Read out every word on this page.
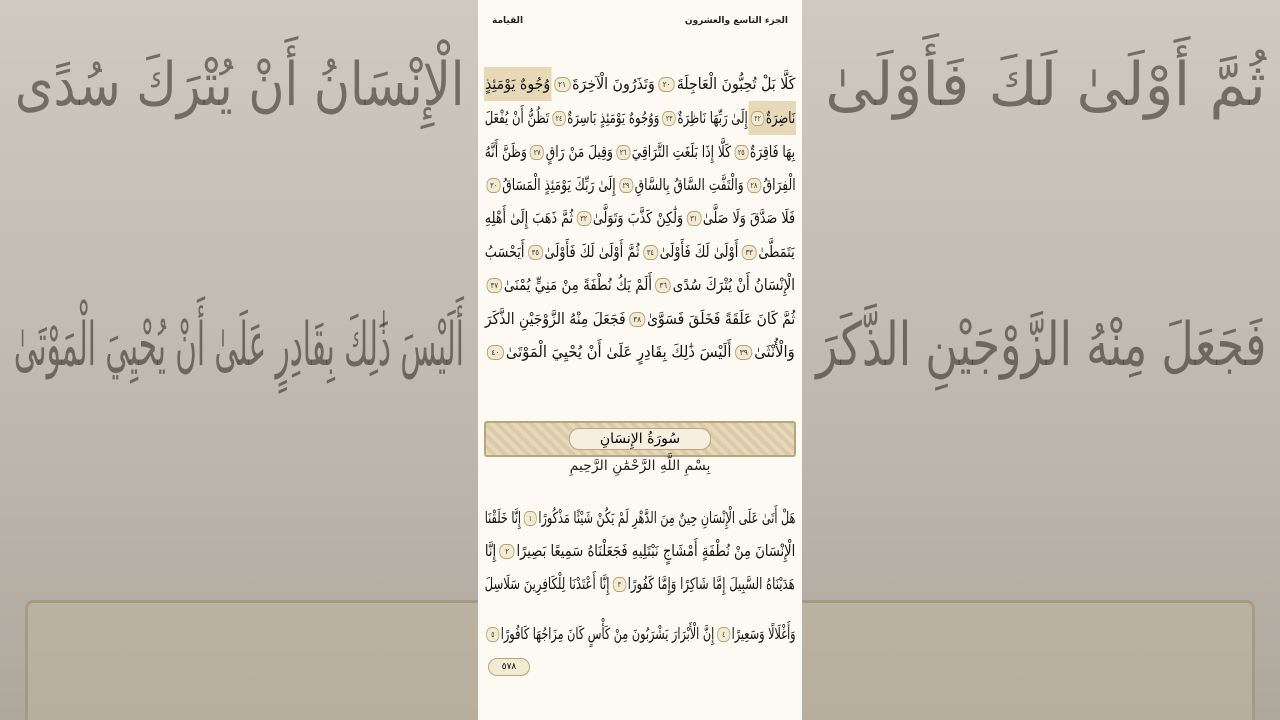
ثُمَّ أَوْلَىٰ لَكَ فَأَوْلَىٰ
الْإِنْسَانُ أَنْ يُتْرَكَ سُدًى
فَجَعَلَ مِنْهُ الزَّوْجَيْنِ الذَّكَرَ
أَلَيْسَ ذَٰلِكَ بِقَادِرٍ عَلَىٰ أَنْ يُحْيِيَ الْمَوْتَىٰ
الجزء التاسع والعشرون
القيامة
كَلَّا بَلْ تُحِبُّونَ الْعَاجِلَةَ٢٠
وَتَذَرُونَ الْآخِرَةَ٢١
وُجُوهٌ يَوْمَئِذٍ
نَاضِرَةٌ٢٢
إِلَىٰ رَبِّهَا نَاظِرَةٌ٢٣
وَوُجُوهٌ يَوْمَئِذٍ بَاسِرَةٌ٢٤
تَظُنُّ أَنْ يُفْعَلَ
بِهَا فَاقِرَةٌ٢٥
كَلَّا إِذَا بَلَغَتِ التَّرَاقِيَ٢٦
وَقِيلَ مَنْ رَاقٍ٢٧
وَظَنَّ أَنَّهُ
الْفِرَاقُ٢٨
وَالْتَفَّتِ السَّاقُ بِالسَّاقِ٢٩
إِلَىٰ رَبِّكَ يَوْمَئِذٍ الْمَسَاقُ٣٠
فَلَا صَدَّقَ وَلَا صَلَّىٰ٣١
وَلَٰكِنْ كَذَّبَ وَتَوَلَّىٰ٣٢
ثُمَّ ذَهَبَ إِلَىٰ أَهْلِهِ
يَتَمَطَّىٰ٣٣
أَوْلَىٰ لَكَ فَأَوْلَىٰ٣٤
ثُمَّ أَوْلَىٰ لَكَ فَأَوْلَىٰ٣٥
أَيَحْسَبُ
الْإِنْسَانُ أَنْ يُتْرَكَ سُدًى٣٦
أَلَمْ يَكُ نُطْفَةً مِنْ مَنِيٍّ يُمْنَىٰ٣٧
ثُمَّ كَانَ عَلَقَةً فَخَلَقَ فَسَوَّىٰ٣٨
فَجَعَلَ مِنْهُ الزَّوْجَيْنِ الذَّكَرَ
وَالْأُنْثَىٰ٣٩
أَلَيْسَ ذَٰلِكَ بِقَادِرٍ عَلَىٰ أَنْ يُحْيِيَ الْمَوْتَىٰ٤٠
هَلْ أَتَىٰ عَلَى الْإِنْسَانِ حِينٌ مِنَ الدَّهْرِ لَمْ يَكُنْ شَيْئًا مَذْكُورًا١
إِنَّا خَلَقْنَا
الْإِنْسَانَ مِنْ نُطْفَةٍ أَمْشَاجٍ نَبْتَلِيهِ فَجَعَلْنَاهُ سَمِيعًا بَصِيرًا٢
إِنَّا
هَدَيْنَاهُ السَّبِيلَ إِمَّا شَاكِرًا وَإِمَّا كَفُورًا٣
إِنَّا أَعْتَدْنَا لِلْكَافِرِينَ سَلَاسِلَ
وَأَغْلَالًا وَسَعِيرًا٤
إِنَّ الْأَبْرَارَ يَشْرَبُونَ مِنْ كَأْسٍ كَانَ مِزَاجُهَا كَافُورًا٥
سُورَةُ الإِنسَانِ
بِسْمِ اللَّهِ الرَّحْمَٰنِ الرَّحِيمِ
٥٧٨
